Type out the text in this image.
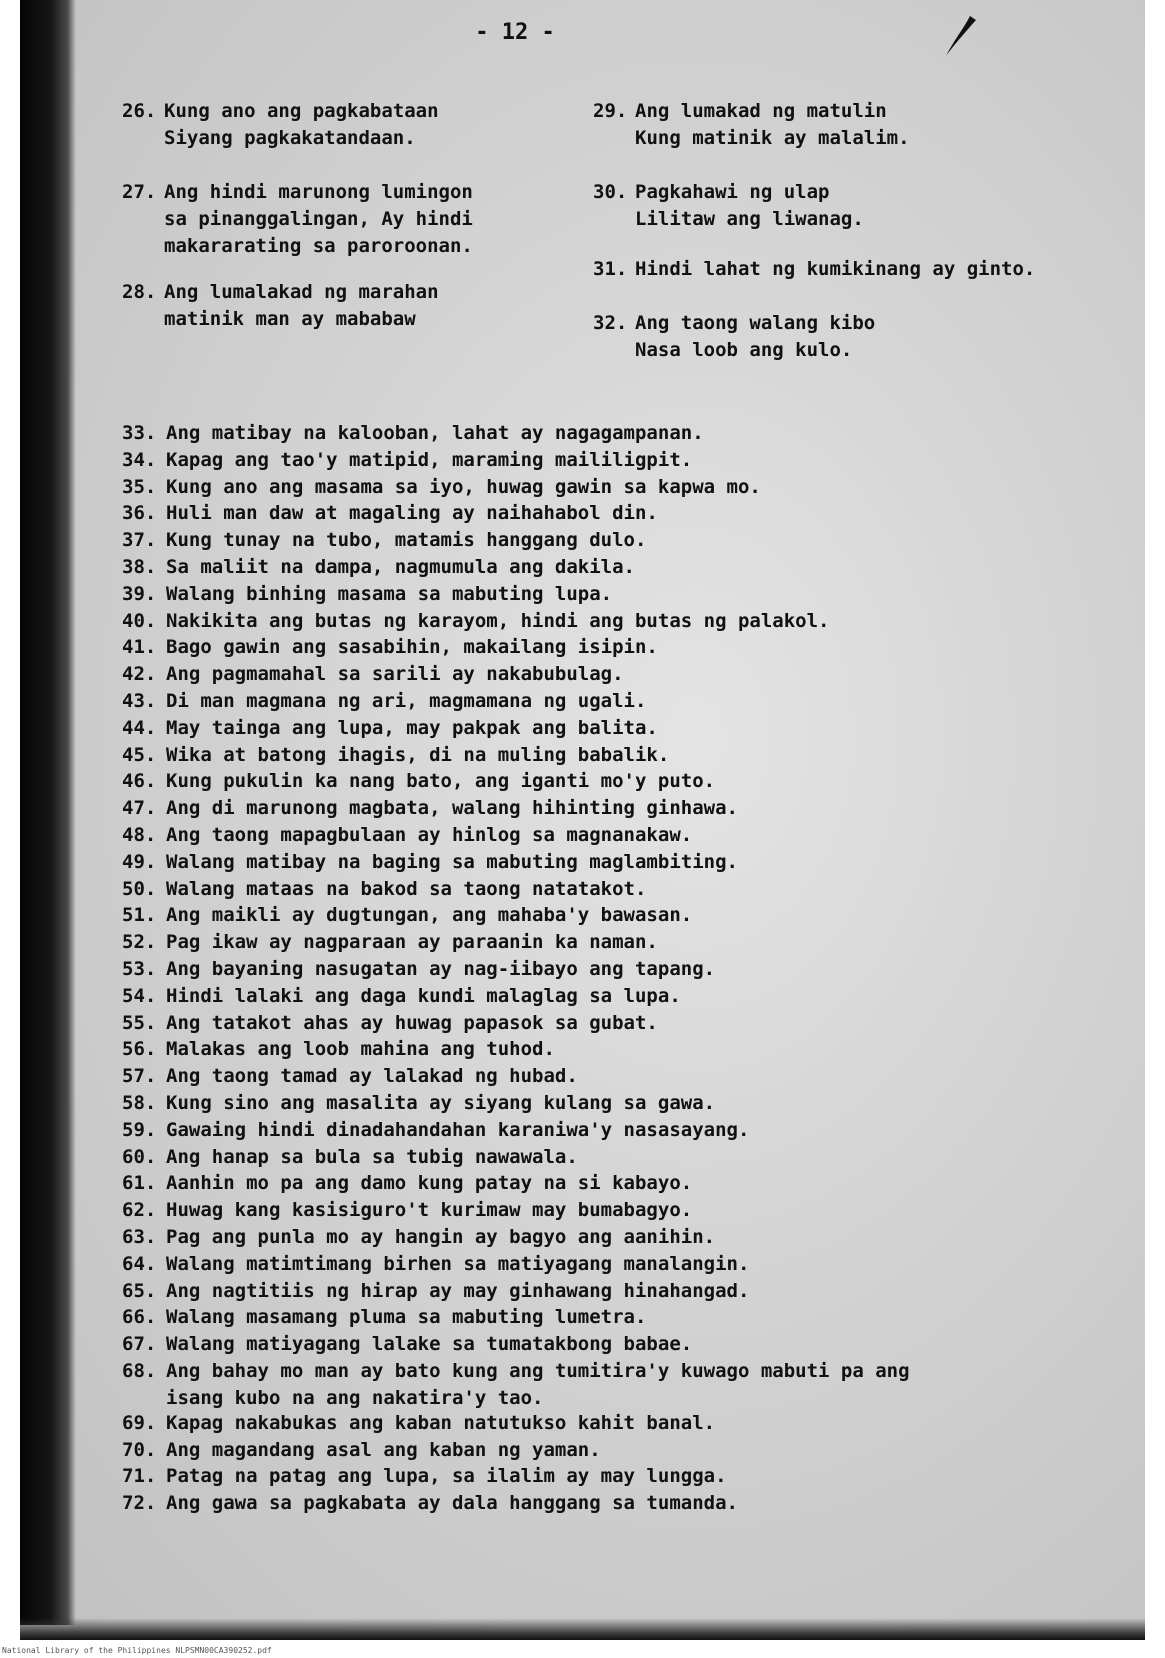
- 12 -
26. Kung ano ang pagkabataan
Siyang pagkakatandaan.
27. Ang hindi marunong lumingon
sa pinanggalingan, Ay hindi
makararating sa paroroonan.
28. Ang lumalakad ng marahan
matinik man ay mababaw
29. Ang lumakad ng matulin
Kung matinik ay malalim.
30. Pagkahawi ng ulap
Lilitaw ang liwanag.
31. Hindi lahat ng kumikinang ay ginto.
32. Ang taong walang kibo
Nasa loob ang kulo.
33. Ang matibay na kalooban, lahat ay nagagampanan.
34. Kapag ang tao'y matipid, maraming maililigpit.
35. Kung ano ang masama sa iyo, huwag gawin sa kapwa mo.
36. Huli man daw at magaling ay naihahabol din.
37. Kung tunay na tubo, matamis hanggang dulo.
38. Sa maliit na dampa, nagmumula ang dakila.
39. Walang binhing masama sa mabuting lupa.
40. Nakikita ang butas ng karayom, hindi ang butas ng palakol.
41. Bago gawin ang sasabihin, makailang isipin.
42. Ang pagmamahal sa sarili ay nakabubulag.
43. Di man magmana ng ari, magmamana ng ugali.
44. May tainga ang lupa, may pakpak ang balita.
45. Wika at batong ihagis, di na muling babalik.
46. Kung pukulin ka nang bato, ang iganti mo'y puto.
47. Ang di marunong magbata, walang hihinting ginhawa.
48. Ang taong mapagbulaan ay hinlog sa magnanakaw.
49. Walang matibay na baging sa mabuting maglambiting.
50. Walang mataas na bakod sa taong natatakot.
51. Ang maikli ay dugtungan, ang mahaba'y bawasan.
52. Pag ikaw ay nagparaan ay paraanin ka naman.
53. Ang bayaning nasugatan ay nag-iibayo ang tapang.
54. Hindi lalaki ang daga kundi malaglag sa lupa.
55. Ang tatakot ahas ay huwag papasok sa gubat.
56. Malakas ang loob mahina ang tuhod.
57. Ang taong tamad ay lalakad ng hubad.
58. Kung sino ang masalita ay siyang kulang sa gawa.
59. Gawaing hindi dinadahandahan karaniwa'y nasasayang.
60. Ang hanap sa bula sa tubig nawawala.
61. Aanhin mo pa ang damo kung patay na si kabayo.
62. Huwag kang kasisiguro't kurimaw may bumabagyo.
63. Pag ang punla mo ay hangin ay bagyo ang aanihin.
64. Walang matimtimang birhen sa matiyagang manalangin.
65. Ang nagtitiis ng hirap ay may ginhawang hinahangad.
66. Walang masamang pluma sa mabuting lumetra.
67. Walang matiyagang lalake sa tumatakbong babae.
68. Ang bahay mo man ay bato kung ang tumitira'y kuwago mabuti pa ang
isang kubo na ang nakatira'y tao.
69. Kapag nakabukas ang kaban natutukso kahit banal.
70. Ang magandang asal ang kaban ng yaman.
71. Patag na patag ang lupa, sa ilalim ay may lungga.
72. Ang gawa sa pagkabata ay dala hanggang sa tumanda.
National Library of the Philippines NLPSMN00CA390252.pdf
